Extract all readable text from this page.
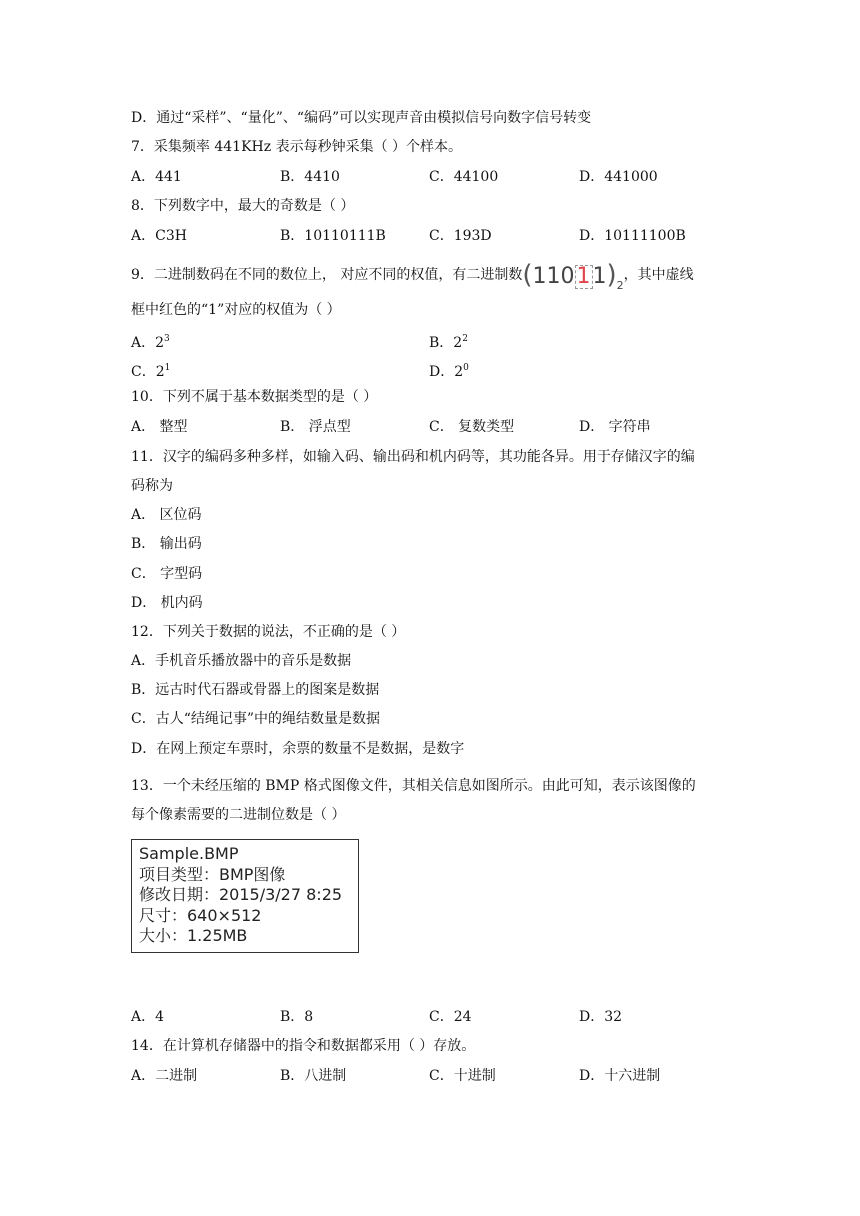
D．通过“采样”、“量化”、“编码”可以实现声音由模拟信号向数字信号转变
7．采集频率 441KHz 表示每秒钟采集（ ）个样本。
A．441	B．4410	C．44100	D．441000
8．下列数字中，最大的奇数是（ ）
A．C3H	B．10110111B	C．193D	D．10111100B
9．二进制数码在不同的数位上， 对应不同的权值，有二进制数$(11011)_2$，其中虚线
框中红色的“1”对应的权值为（ ）
A．$2^3$	B．$2^2$
C．$2^1$	D．$2^0$
10．下列不属于基本数据类型的是（ ）
A． 整型	B． 浮点型	C． 复数类型	D． 字符串
11．汉字的编码多种多样，如输入码、输出码和机内码等，其功能各异。用于存储汉字的编
码称为
A． 区位码
B． 输出码
C． 字型码
D． 机内码
12．下列关于数据的说法，不正确的是（ ）
A．手机音乐播放器中的音乐是数据
B．远古时代石器或骨器上的图案是数据
C．古人“结绳记事”中的绳结数量是数据
D．在网上预定车票时，余票的数量不是数据，是数字
13．一个未经压缩的 BMP 格式图像文件，其相关信息如图所示。由此可知，表示该图像的
每个像素需要的二进制位数是（ ）
Sample.BMP
项目类型：BMP图像
修改日期：2015/3/27 8:25
尺寸：640×512
大小：1.25MB
A．4	B．8	C．24	D．32
14．在计算机存储器中的指令和数据都采用（ ）存放。
A．二进制	B．八进制	C．十进制	D．十六进制
